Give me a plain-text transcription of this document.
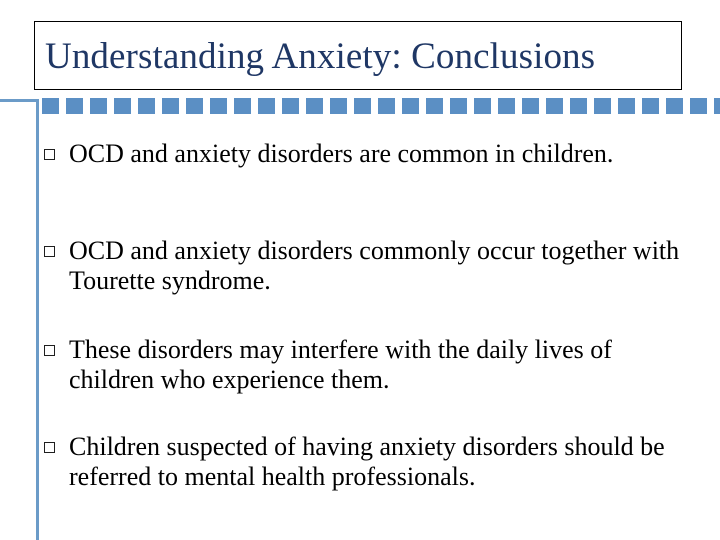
Understanding Anxiety: Conclusions
OCD and anxiety disorders are common in children.
OCD and anxiety disorders commonly occur together with Tourette syndrome.
These disorders may interfere with the daily lives of children who experience them.
Children suspected of having anxiety disorders should be referred to mental health professionals.
